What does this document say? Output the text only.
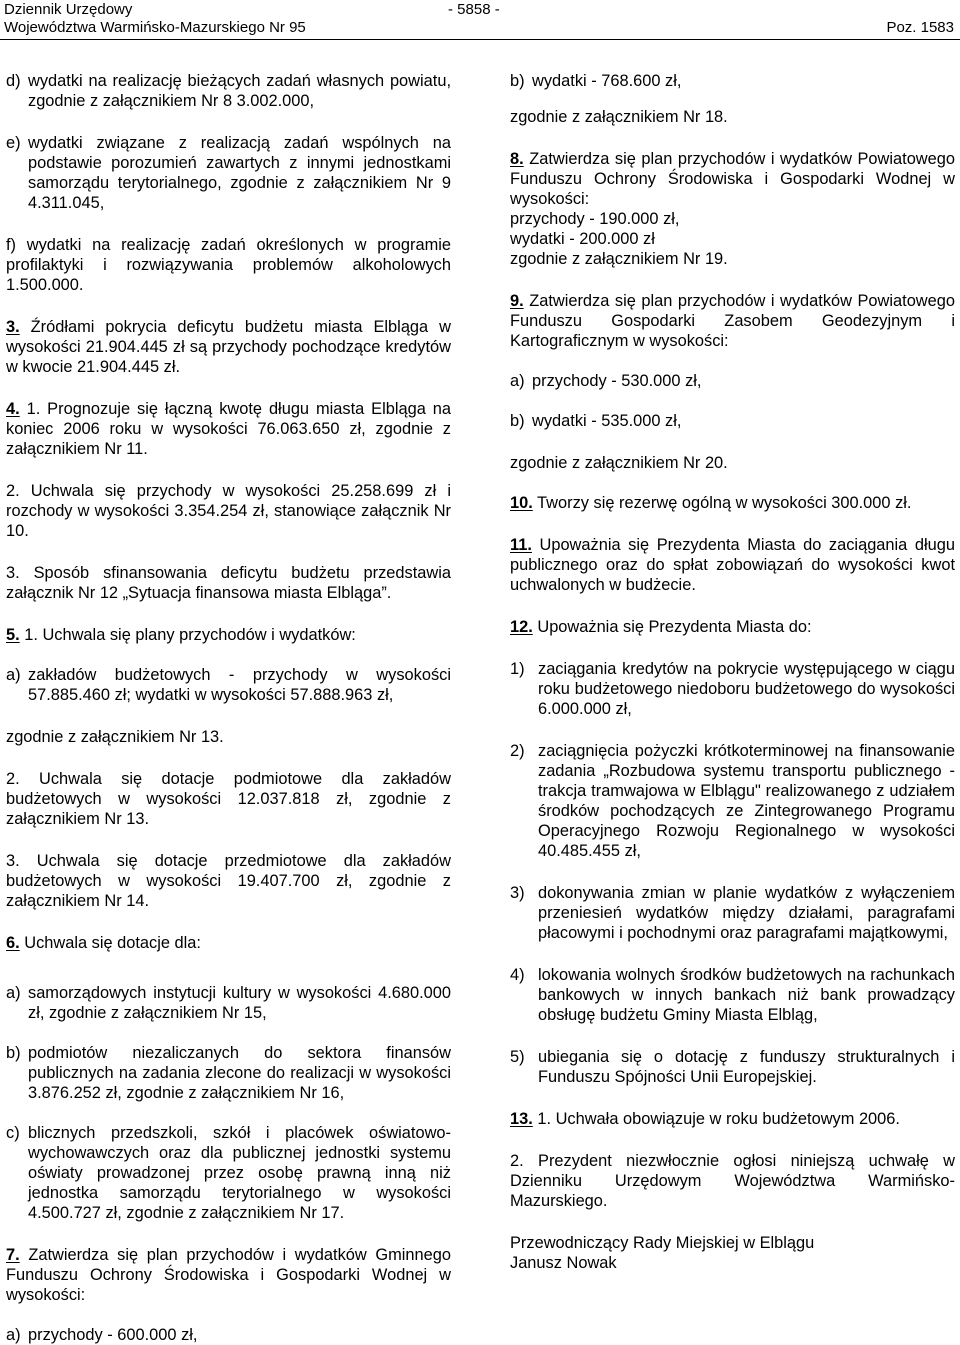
Dziennik Urzędowy
Województwa Warmińsko-Mazurskiego Nr 95
- 5858 -
Poz. 1583
d) wydatki na realizację bieżących zadań własnych powiatu, zgodnie z załącznikiem Nr 8 3.002.000,
e) wydatki związane z realizacją zadań wspólnych na podstawie porozumień zawartych z innymi jednostkami samorządu terytorialnego, zgodnie z załącznikiem Nr 9 4.311.045,

f) wydatki na realizację zadań określonych w programie profilaktyki i rozwiązywania problemów alkoholowych 1.500.000.

3. Źródłami pokrycia deficytu budżetu miasta Elbląga w wysokości 21.904.445 zł są przychody pochodzące kredytów w kwocie 21.904.445 zł.

4. 1. Prognozuje się łączną kwotę długu miasta Elbląga na koniec 2006 roku w wysokości 76.063.650 zł, zgodnie z załącznikiem Nr 11.

2. Uchwala się przychody w wysokości 25.258.699 zł i rozchody w wysokości 3.354.254 zł, stanowiące załącznik Nr 10.

3. Sposób sfinansowania deficytu budżetu przedstawia załącznik Nr 12 „Sytuacja finansowa miasta Elbląga”.

5. 1. Uchwala się plany przychodów i wydatków:

a) zakładów budżetowych - przychody w wysokości 57.885.460 zł; wydatki w wysokości 57.888.963 zł,

zgodnie z załącznikiem Nr 13.

2. Uchwala się dotacje podmiotowe dla zakładów budżetowych w wysokości 12.037.818 zł, zgodnie z załącznikiem Nr 13.

3. Uchwala się dotacje przedmiotowe dla zakładów budżetowych w wysokości 19.407.700 zł, zgodnie z załącznikiem Nr 14.

6. Uchwala się dotacje dla:

a) samorządowych instytucji kultury w wysokości 4.680.000 zł, zgodnie z załącznikiem Nr 15,
b) podmiotów niezaliczanych do sektora finansów publicznych na zadania zlecone do realizacji w wysokości 3.876.252 zł, zgodnie z załącznikiem Nr 16,
c) blicznych przedszkoli, szkół i placówek oświatowo-wychowawczych oraz dla publicznej jednostki systemu oświaty prowadzonej przez osobę prawną inną niż jednostka samorządu terytorialnego w wysokości 4.500.727 zł, zgodnie z załącznikiem Nr 17.

7. Zatwierdza się plan przychodów i wydatków Gminnego Funduszu Ochrony Środowiska i Gospodarki Wodnej w wysokości:

a) przychody - 600.000 zł,
b) wydatki - 768.600 zł,

zgodnie z załącznikiem Nr 18.

8. Zatwierdza się plan przychodów i wydatków Powiatowego Funduszu Ochrony Środowiska i Gospodarki Wodnej w wysokości:

przychody - 190.000 zł,

wydatki - 200.000 zł

zgodnie z załącznikiem Nr 19.

9. Zatwierdza się plan przychodów i wydatków Powiatowego Funduszu Gospodarki Zasobem Geodezyjnym i Kartograficznym w wysokości:

a) przychody - 530.000 zł,
b) wydatki - 535.000 zł,

zgodnie z załącznikiem Nr 20.

10. Tworzy się rezerwę ogólną w wysokości 300.000 zł.

11. Upoważnia się Prezydenta Miasta do zaciągania długu publicznego oraz do spłat zobowiązań do wysokości kwot uchwalonych w budżecie.

12. Upoważnia się Prezydenta Miasta do:

1) zaciągania kredytów na pokrycie występującego w ciągu roku budżetowego niedoboru budżetowego do wysokości 6.000.000 zł,
2) zaciągnięcia pożyczki krótkoterminowej na finansowanie zadania „Rozbudowa systemu transportu publicznego - trakcja tramwajowa w Elblągu" realizowanego z udziałem środków pochodzących ze Zintegrowanego Programu Operacyjnego Rozwoju Regionalnego w wysokości 40.485.455 zł,
3) dokonywania zmian w planie wydatków z wyłączeniem przeniesień wydatków między działami, paragrafami płacowymi i pochodnymi oraz paragrafami majątkowymi,
4) lokowania wolnych środków budżetowych na rachunkach bankowych w innych bankach niż bank prowadzący obsługę budżetu Gminy Miasta Elbląg,
5) ubiegania się o dotację z funduszy strukturalnych i Funduszu Spójności Unii Europejskiej.

13. 1. Uchwała obowiązuje w roku budżetowym 2006.

2. Prezydent niezwłocznie ogłosi niniejszą uchwałę w Dzienniku Urzędowym Województwa Warmińsko-Mazurskiego.

Przewodniczący Rady Miejskiej w Elblągu

Janusz Nowak
